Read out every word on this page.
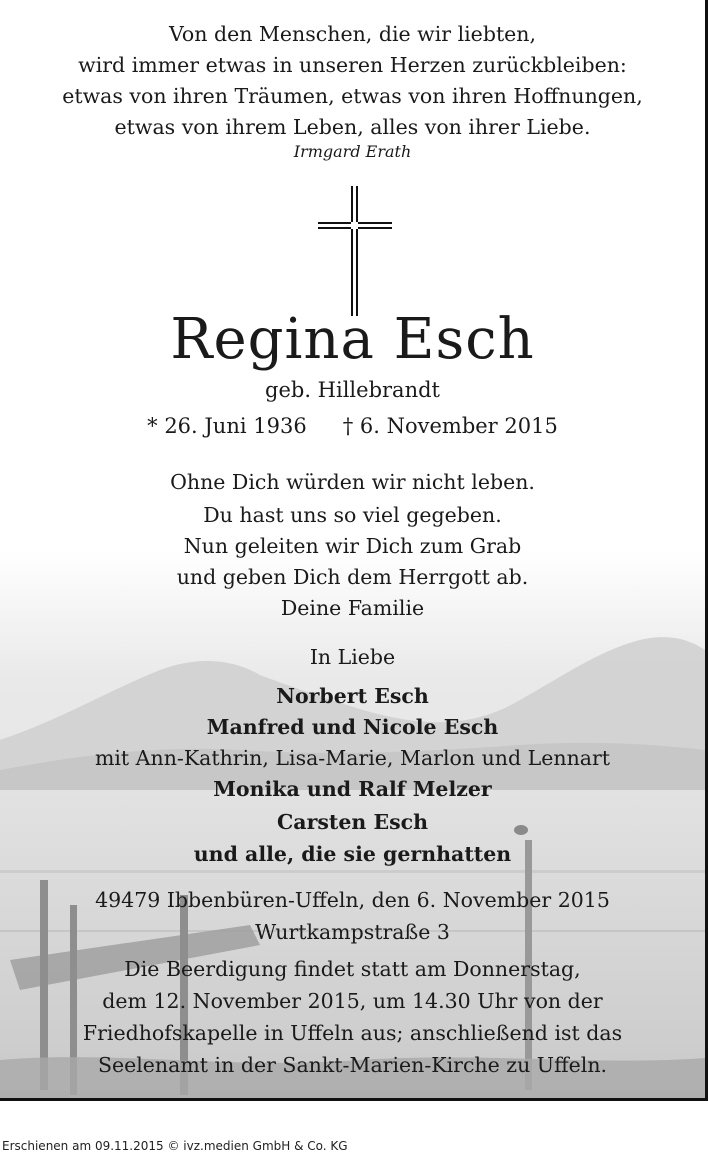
Von den Menschen, die wir liebten,
wird immer etwas in unseren Herzen zurückbleiben:
etwas von ihren Träumen, etwas von ihren Hoffnungen,
etwas von ihrem Leben, alles von ihrer Liebe.
Irmgard Erath
Regina Esch
geb. Hillebrandt
* 26. Juni 1936 † 6. November 2015
Ohne Dich würden wir nicht leben.
Du hast uns so viel gegeben.
Nun geleiten wir Dich zum Grab
und geben Dich dem Herrgott ab.
Deine Familie
In Liebe
Norbert Esch
Manfred und Nicole Esch
mit Ann-Kathrin, Lisa-Marie, Marlon und Lennart
Monika und Ralf Melzer
Carsten Esch
und alle, die sie gernhatten
49479 Ibbenbüren-Uffeln, den 6. November 2015
Wurtkampstraße 3
Die Beerdigung findet statt am Donnerstag,
dem 12. November 2015, um 14.30 Uhr von der
Friedhofskapelle in Uffeln aus; anschließend ist das
Seelenamt in der Sankt-Marien-Kirche zu Uffeln.
Erschienen am 09.11.2015 © ivz.medien GmbH & Co. KG
